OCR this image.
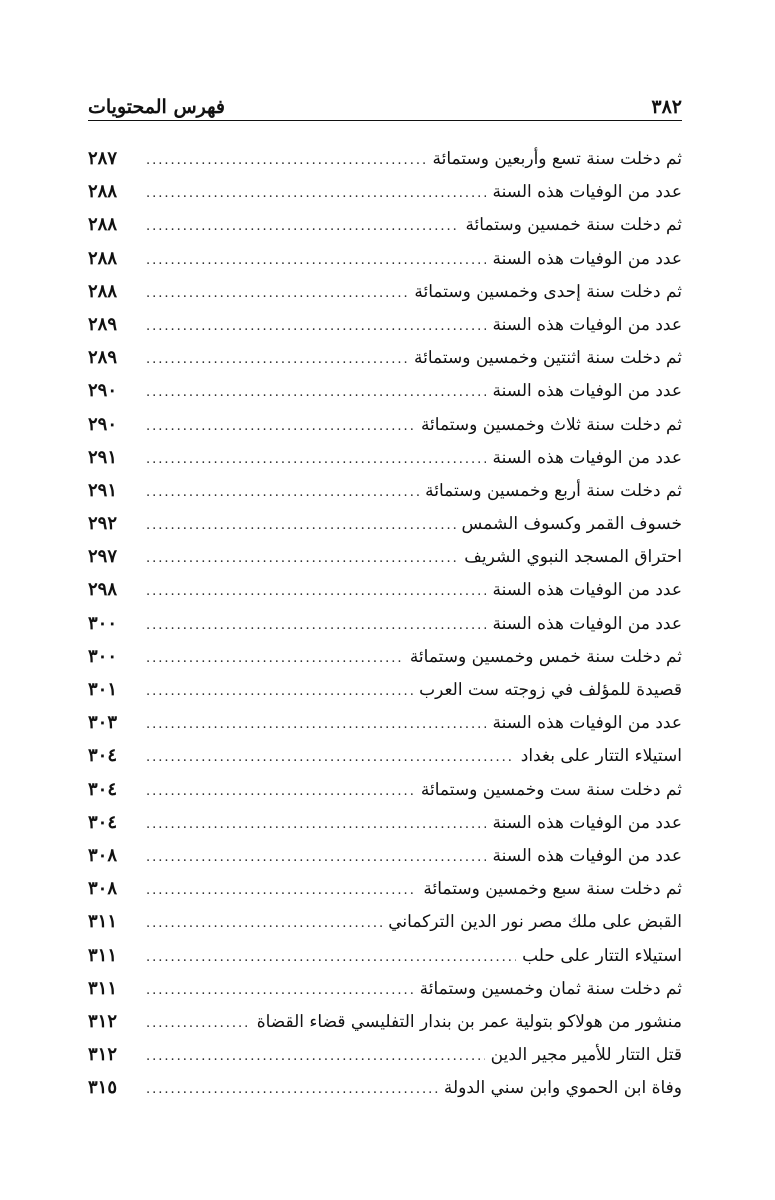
٣٨٢
فهرس المحتويات
ثم دخلت سنة تسع وأربعين وستمائة
.....
٢٨٧
عدد من الوفيات هذه السنة
.....
٢٨٨
ثم دخلت سنة خمسين وستمائة
.....
٢٨٨
عدد من الوفيات هذه السنة
.....
٢٨٨
ثم دخلت سنة إحدى وخمسين وستمائة
.....
٢٨٨
عدد من الوفيات هذه السنة
.....
٢٨٩
ثم دخلت سنة اثنتين وخمسين وستمائة
.....
٢٨٩
عدد من الوفيات هذه السنة
.....
٢٩٠
ثم دخلت سنة ثلاث وخمسين وستمائة
.....
٢٩٠
عدد من الوفيات هذه السنة
.....
٢٩١
ثم دخلت سنة أربع وخمسين وستمائة
.....
٢٩١
خسوف القمر وكسوف الشمس
.....
٢٩٢
احتراق المسجد النبوي الشريف
.....
٢٩٧
عدد من الوفيات هذه السنة
.....
٢٩٨
عدد من الوفيات هذه السنة
.....
٣٠٠
ثم دخلت سنة خمس وخمسين وستمائة
.....
٣٠٠
قصيدة للمؤلف في زوجته ست العرب
.....
٣٠١
عدد من الوفيات هذه السنة
.....
٣٠٣
استيلاء التتار على بغداد
.....
٣٠٤
ثم دخلت سنة ست وخمسين وستمائة
.....
٣٠٤
عدد من الوفيات هذه السنة
.....
٣٠٤
عدد من الوفيات هذه السنة
.....
٣٠٨
ثم دخلت سنة سبع وخمسين وستمائة
.....
٣٠٨
القبض على ملك مصر نور الدين التركماني
.....
٣١١
استيلاء التتار على حلب
.....
٣١١
ثم دخلت سنة ثمان وخمسين وستمائة
.....
٣١١
منشور من هولاكو بتولية عمر بن بندار التفليسي قضاء القضاة
.....
٣١٢
قتل التتار للأمير مجير الدين
.....
٣١٢
وفاة ابن الحموي وابن سني الدولة
.....
٣١٥
